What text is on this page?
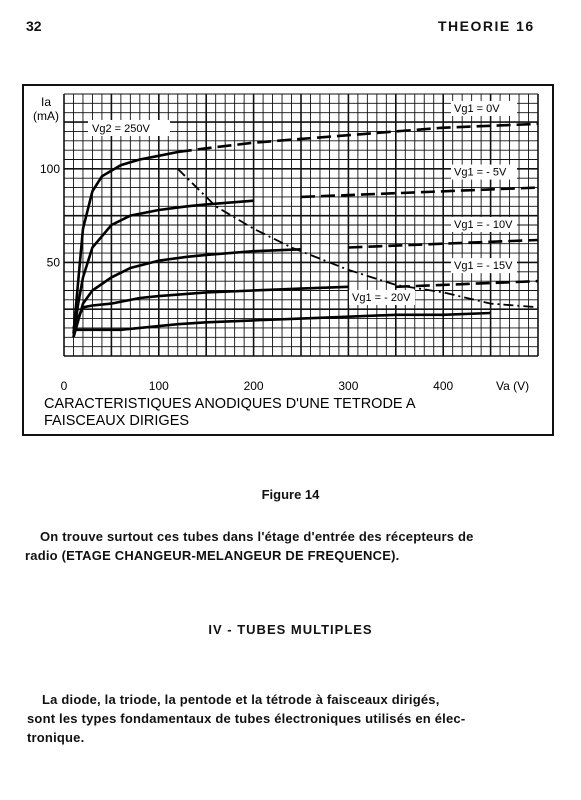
32	THEORIE 16
Vg1 = 0V
Vg1 = - 5V
Vg1 = - 10V
Vg1 = - 15V
Vg1 = - 20V
0	100	200	300	400
50
100
Va (V)
Ia
(mA)
Vg2 = 250V
CARACTERISTIQUES ANODIQUES D'UNE TETRODE A
FAISCEAUX DIRIGES
Figure 14
On trouve surtout ces tubes dans l'étage d'entrée des récepteurs de
radio (ETAGE CHANGEUR-MELANGEUR DE FREQUENCE).
IV - TUBES MULTIPLES
La diode, la triode, la pentode et la tétrode à faisceaux dirigés,
sont les types fondamentaux de tubes électroniques utilisés en élec-
tronique.
